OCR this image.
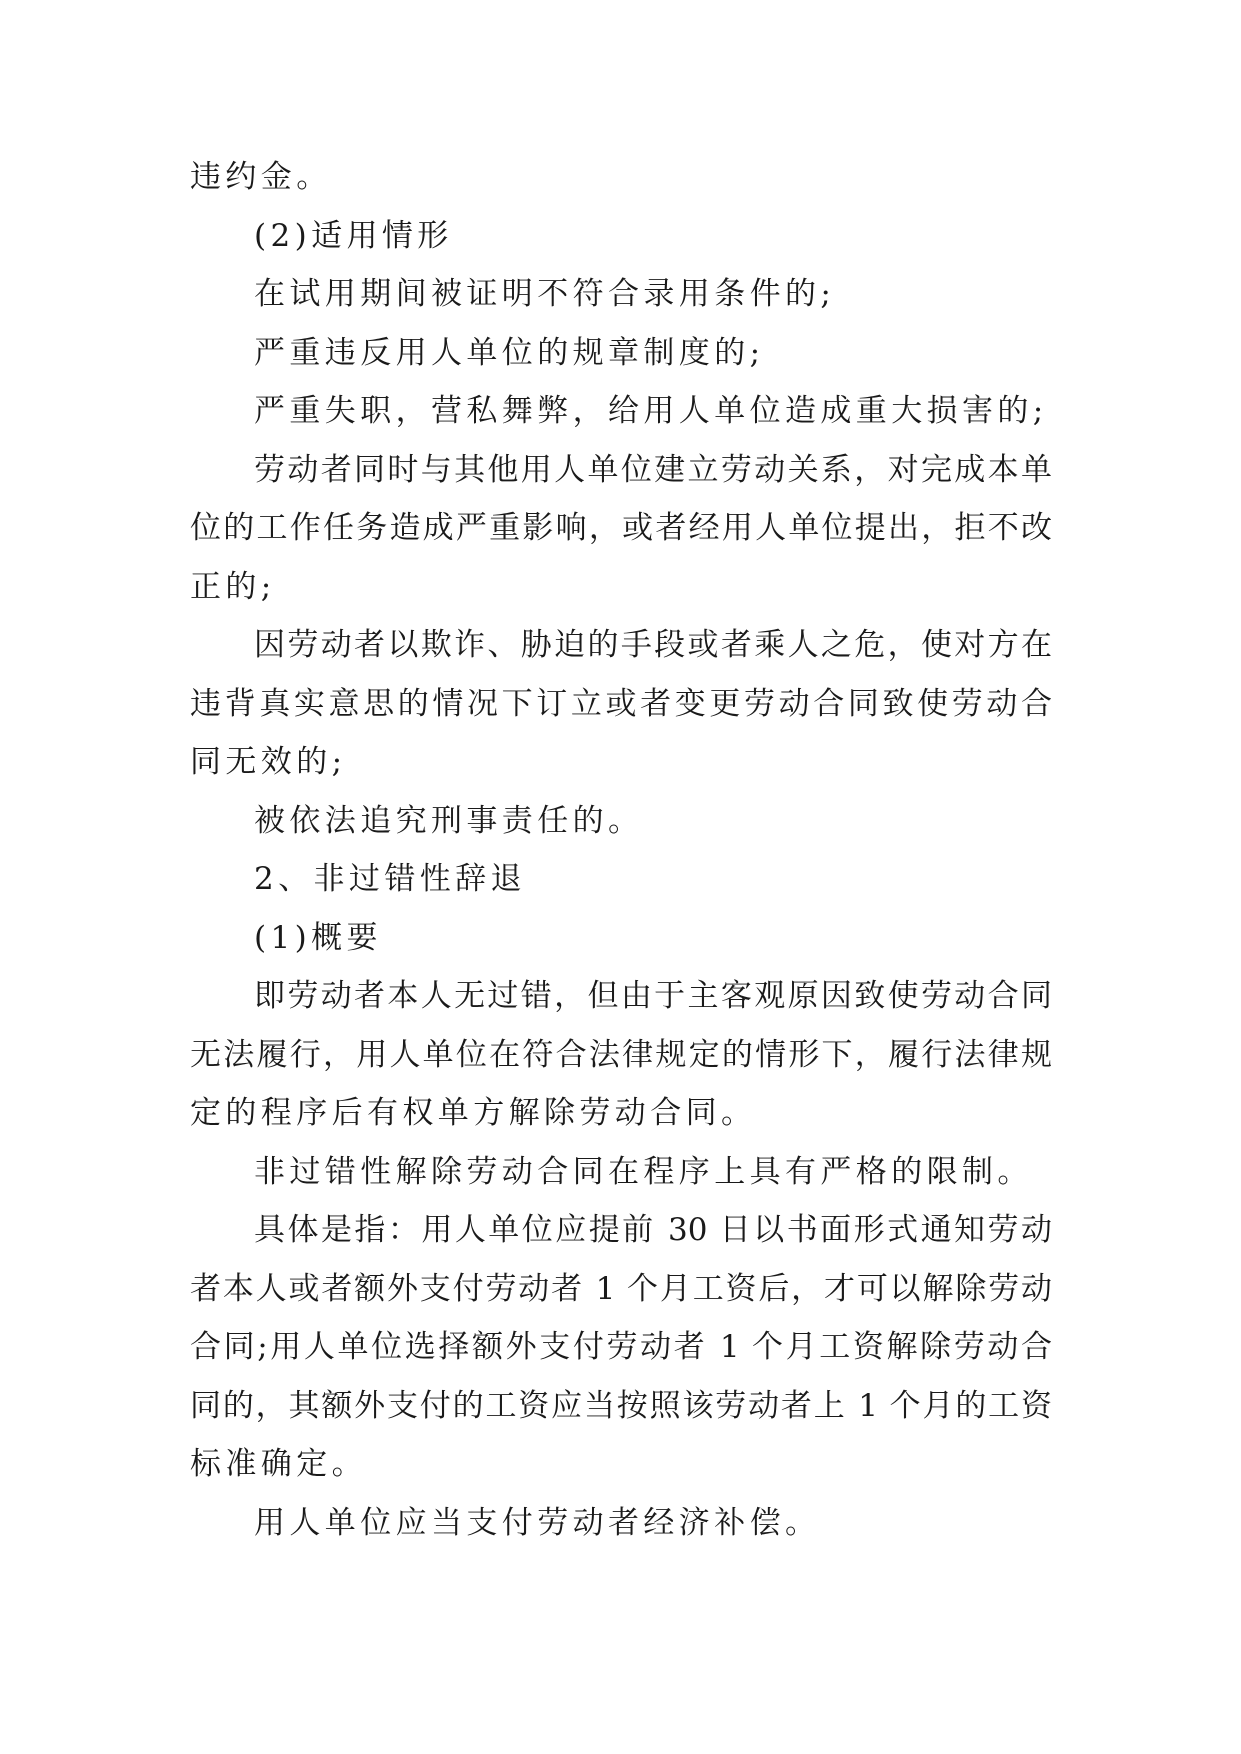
违约金。

(2)适用情形

在试用期间被证明不符合录用条件的;

严重违反用人单位的规章制度的;

严重失职，营私舞弊，给用人单位造成重大损害的;

劳动者同时与其他用人单位建立劳动关系，对完成本单

位的工作任务造成严重影响，或者经用人单位提出，拒不改

正的;

因劳动者以欺诈、胁迫的手段或者乘人之危，使对方在

违背真实意思的情况下订立或者变更劳动合同致使劳动合

同无效的;

被依法追究刑事责任的。

2、非过错性辞退

(1)概要

即劳动者本人无过错，但由于主客观原因致使劳动合同

无法履行，用人单位在符合法律规定的情形下，履行法律规

定的程序后有权单方解除劳动合同。

非过错性解除劳动合同在程序上具有严格的限制。

具体是指：用人单位应提前 30 日以书面形式通知劳动

者本人或者额外支付劳动者 1 个月工资后，才可以解除劳动

合同;用人单位选择额外支付劳动者 1 个月工资解除劳动合

同的，其额外支付的工资应当按照该劳动者上 1 个月的工资

标准确定。

用人单位应当支付劳动者经济补偿。
